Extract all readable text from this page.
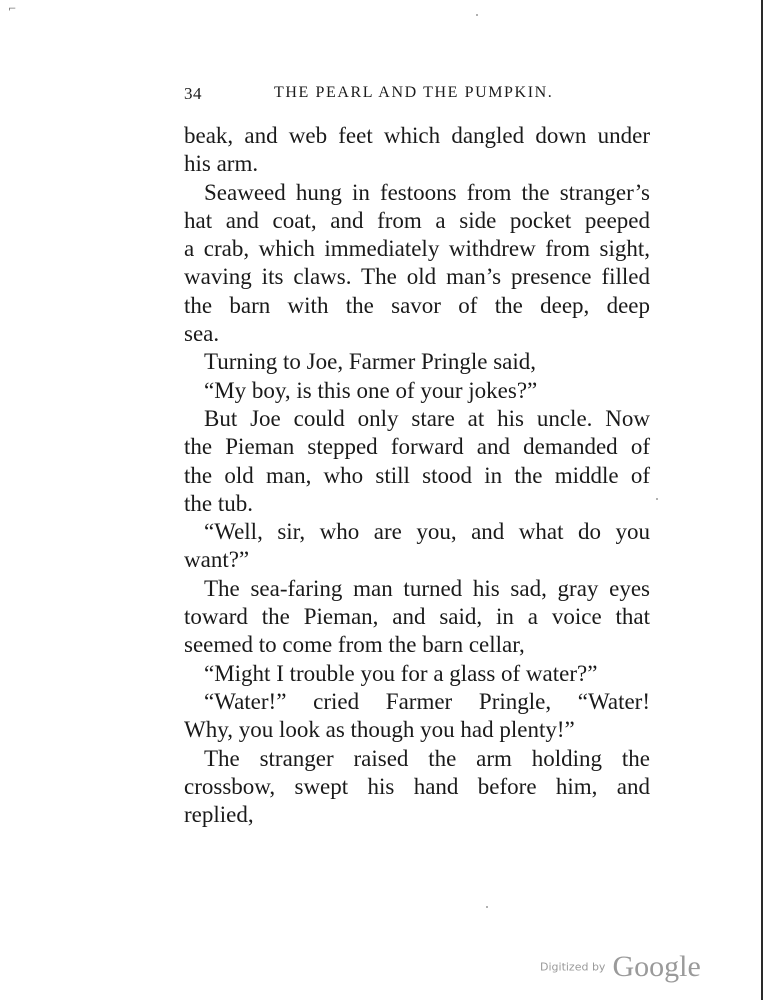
⌐
34	THE PEARL AND THE PUMPKIN.
beak, and web feet which dangled down under
his arm.
Seaweed hung in festoons from the stranger’s
hat and coat, and from a side pocket peeped
a crab, which immediately withdrew from sight,
waving its claws. The old man’s presence filled
the barn with the savor of the deep, deep
sea.
Turning to Joe, Farmer Pringle said,
“My boy, is this one of your jokes?”
But Joe could only stare at his uncle. Now
the Pieman stepped forward and demanded of
the old man, who still stood in the middle of
the tub.
“Well, sir, who are you, and what do you
want?”
The sea-faring man turned his sad, gray eyes
toward the Pieman, and said, in a voice that
seemed to come from the barn cellar,
“Might I trouble you for a glass of water?”
“Water!” cried Farmer Pringle, “Water!
Why, you look as though you had plenty!”
The stranger raised the arm holding the
crossbow, swept his hand before him, and
replied,
Digitized by Google
